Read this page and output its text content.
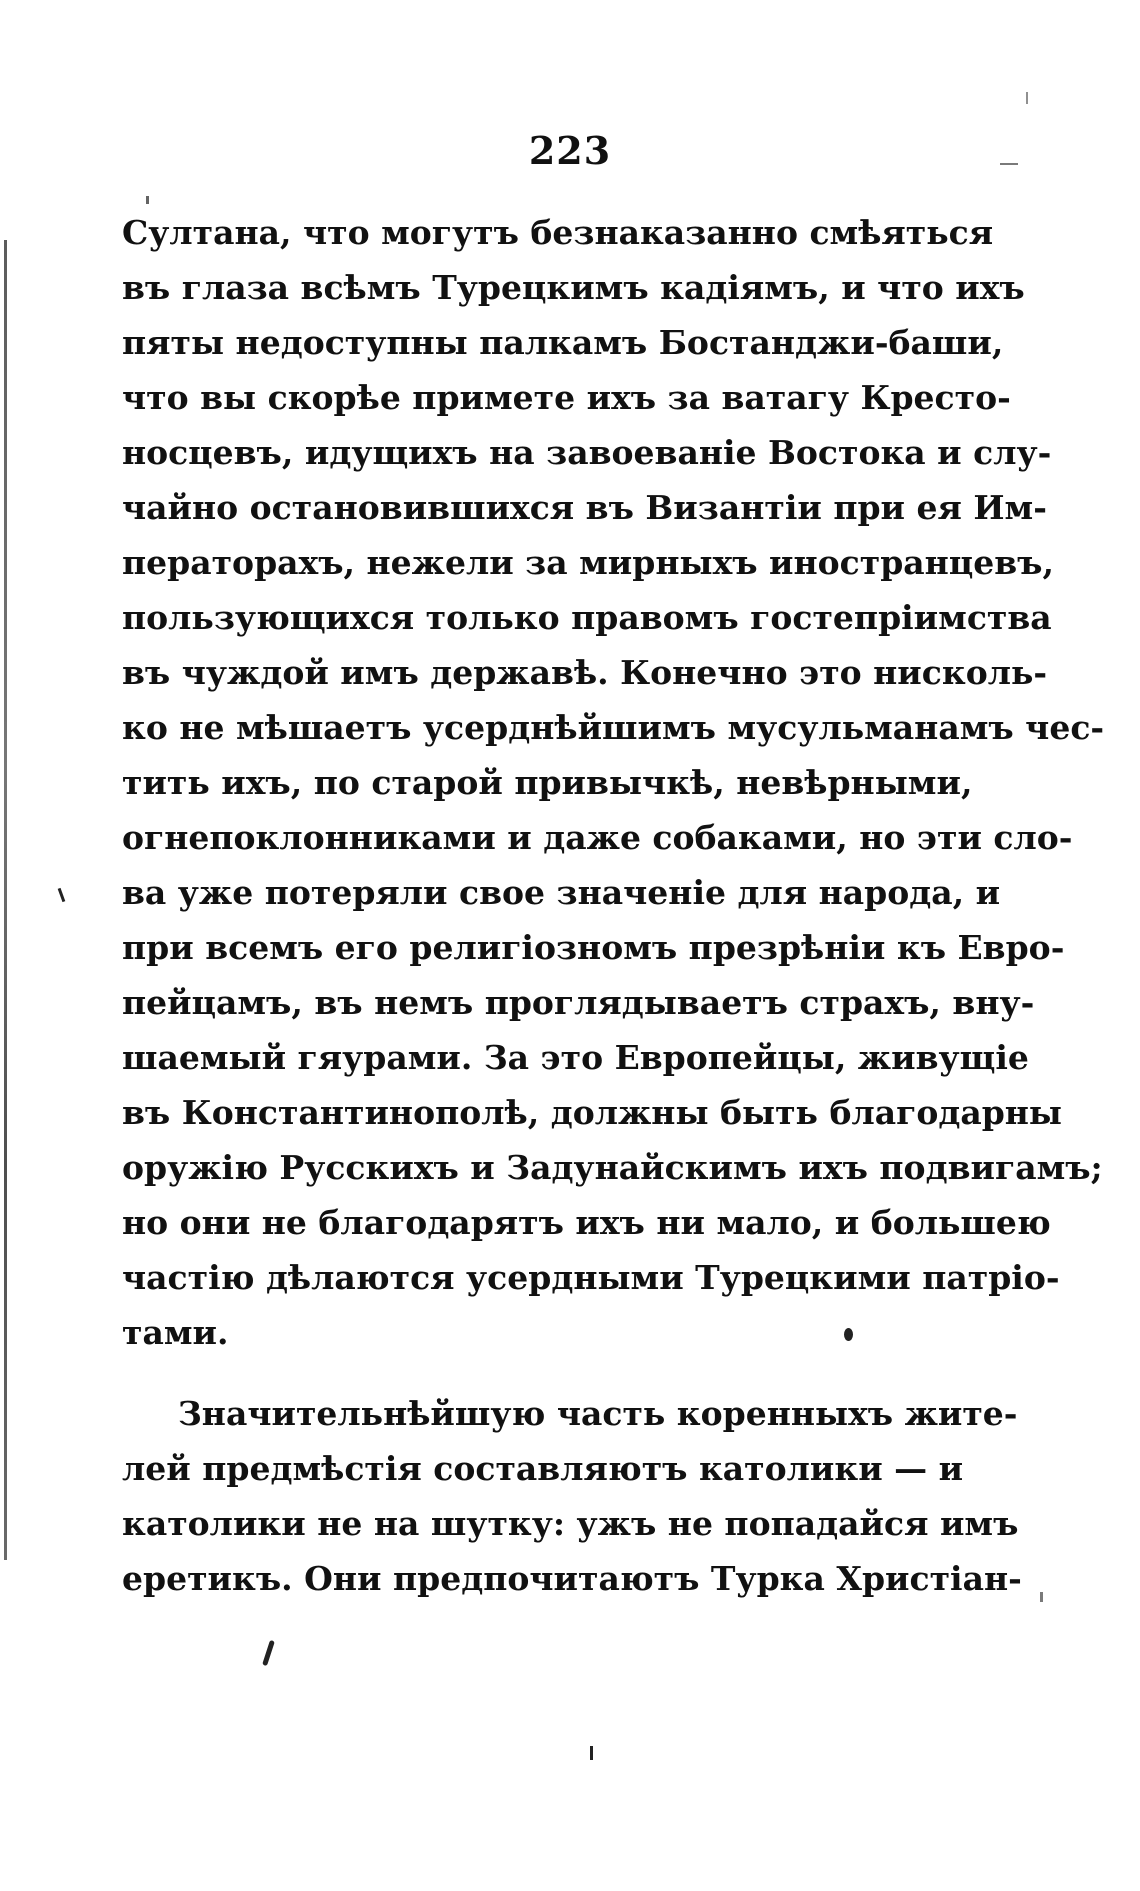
223
Султана, что могутъ безнаказанно смѣяться
въ глаза всѣмъ Турецкимъ кадіямъ, и что ихъ
пяты недоступны палкамъ Бостанджи-баши,
что вы скорѣе примете ихъ за ватагу Кресто-
носцевъ, идущихъ на завоеваніе Востока и слу-
чайно остановившихся въ Византіи при ея Им-
ператорахъ, нежели за мирныхъ иностранцевъ,
пользующихся только правомъ гостепріимства
въ чуждой имъ державѣ. Конечно это нисколь-
ко не мѣшаетъ усерднѣйшимъ мусульманамъ чес-
тить ихъ, по старой привычкѣ, невѣрными,
огнепоклонниками и даже собаками, но эти сло-
ва уже потеряли свое значеніе для народа, и
при всемъ его религіозномъ презрѣніи къ Евро-
пейцамъ, въ немъ проглядываетъ страхъ, вну-
шаемый гяурами. За это Европейцы, живущіе
въ Константинополѣ, должны быть благодарны
оружію Русскихъ и Задунайскимъ ихъ подвигамъ;
но они не благодарятъ ихъ ни мало, и большею
частію дѣлаются усердными Турецкими патріо-
тами.
Значительнѣйшую часть коренныхъ жите-
лей предмѣстія составляютъ католики — и
католики не на шутку: ужъ не попадайся имъ
еретикъ. Они предпочитаютъ Турка Христіан-
